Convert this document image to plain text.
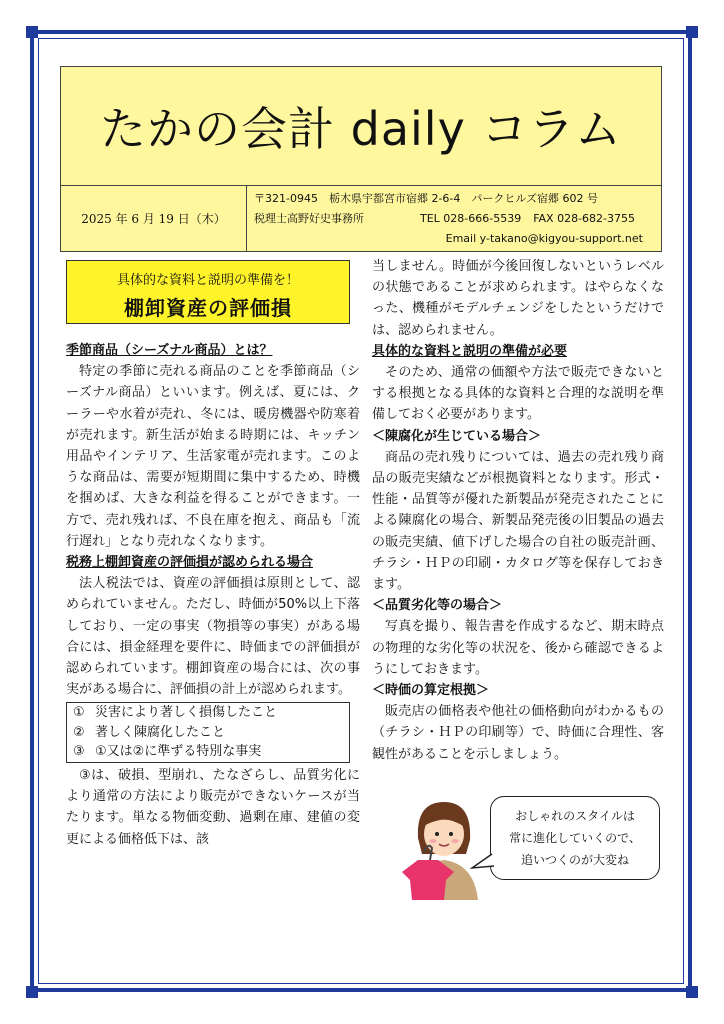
たかの会計 daily コラム
2025 年 6 月 19 日（木）
〒321-0945　栃木県宇都宮市宿郷 2-6-4　パークヒルズ宿郷 602 号
税理士高野好史事務所	TEL 028-666-5539 FAX 028-682-3755
Email y-takano@kigyou-support.net
具体的な資料と説明の準備を！
棚卸資産の評価損

季節商品（シーズナル商品）とは？

特定の季節に売れる商品のことを季節商品（シーズナル商品）といいます。例えば、夏には、クーラーや水着が売れ、冬には、暖房機器や防寒着が売れます。新生活が始まる時期には、キッチン用品やインテリア、生活家電が売れます。このような商品は、需要が短期間に集中するため、時機を掴めば、大きな利益を得ることができます。一方で、売れ残れば、不良在庫を抱え、商品も「流行遅れ」となり売れなくなります。

税務上棚卸資産の評価損が認められる場合

法人税法では、資産の評価損は原則として、認められていません。ただし、時価が50%以上下落しており、一定の事実（物損等の事実）がある場合には、損金経理を要件に、時価までの評価損が認められています。棚卸資産の場合には、次の事実がある場合に、評価損の計上が認められます。

① 災害により著しく損傷したこと
② 著しく陳腐化したこと
③ ①又は②に準ずる特別な事実

③は、破損、型崩れ、たなざらし、品質劣化により通常の方法により販売ができないケースが当たります。単なる物価変動、過剰在庫、建値の変更による価格低下は、該

当しません。時価が今後回復しないというレベルの状態であることが求められます。はやらなくなった、機種がモデルチェンジをしたというだけでは、認められません。

具体的な資料と説明の準備が必要

そのため、通常の価額や方法で販売できないとする根拠となる具体的な資料と合理的な説明を準備しておく必要があります。

＜陳腐化が生じている場合＞

商品の売れ残りについては、過去の売れ残り商品の販売実績などが根拠資料となります。形式・性能・品質等が優れた新製品が発売されたことによる陳腐化の場合、新製品発売後の旧製品の過去の販売実績、値下げした場合の自社の販売計画、チラシ・ＨＰの印刷・カタログ等を保存しておきます。

＜品質劣化等の場合＞

写真を撮り、報告書を作成するなど、期末時点の物理的な劣化等の状況を、後から確認できるようにしておきます。

＜時価の算定根拠＞

販売店の価格表や他社の価格動向がわかるもの（チラシ・ＨＰの印刷等）で、時価に合理性、客観性があることを示しましょう。

おしゃれのスタイルは
常に進化していくので、
追いつくのが大変ね
